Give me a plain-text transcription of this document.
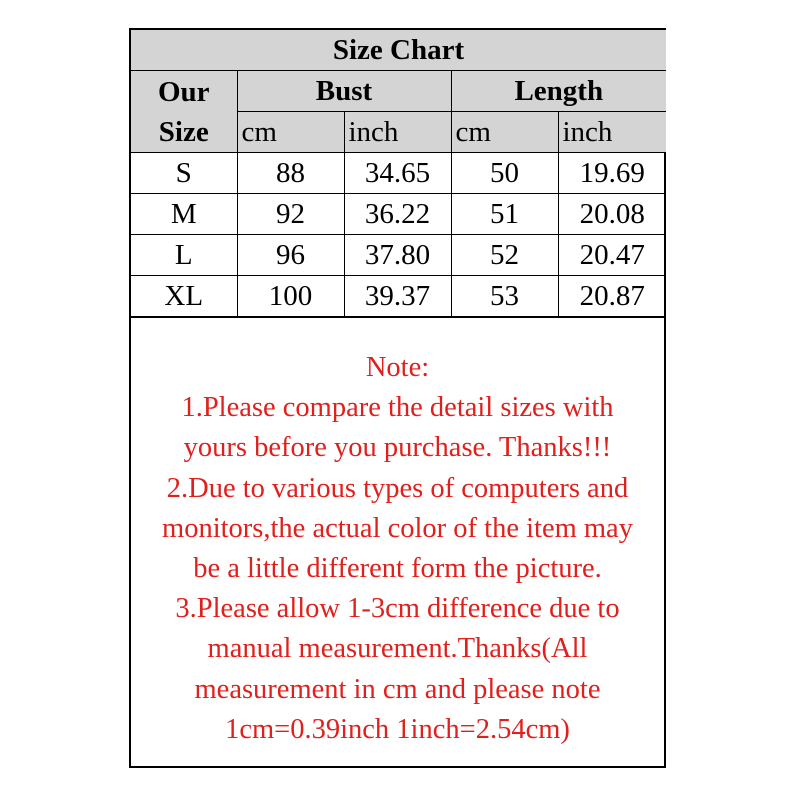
Size Chart				

Our
Size	Bust		Length	
	cm	inch	cm	inch
S	88	34.65	50	19.69
M	92	36.22	51	20.08
L	96	37.80	52	20.47
XL	100	39.37	53	20.87
Note:
1.Please compare the detail sizes with
yours before you purchase. Thanks!!!
2.Due to various types of computers and
monitors,the actual color of the item may
be a little different form the picture.
3.Please allow 1-3cm difference due to
manual measurement.Thanks(All
measurement in cm and please note
1cm=0.39inch 1inch=2.54cm)
